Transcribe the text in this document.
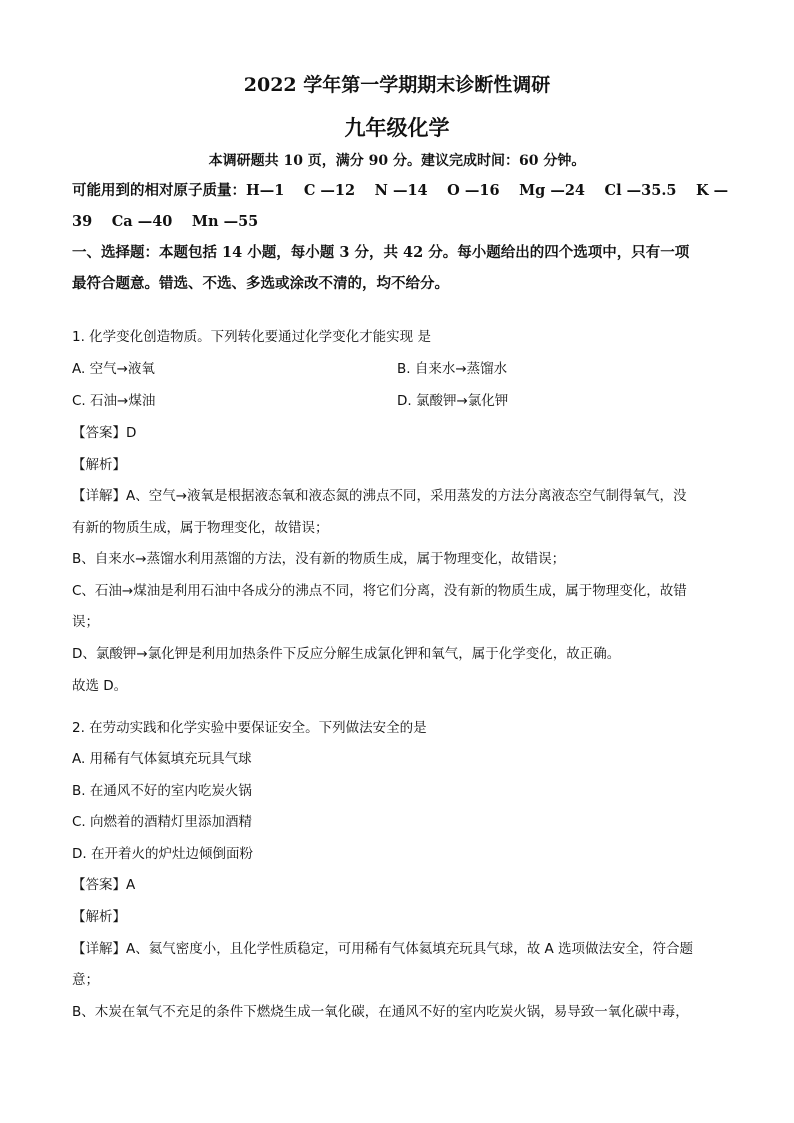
2022 学年第一学期期末诊断性调研
九年级化学
本调研题共 10 页，满分 90 分。建议完成时间：60 分钟。
可能用到的相对原子质量：H—1　 C —12　 N —14　 O —16　 Mg —24　 Cl —35.5　 K —
39　 Ca —40　 Mn —55
一、选择题：本题包括 14 小题，每小题 3 分，共 42 分。每小题给出的四个选项中，只有一项
最符合题意。错选、不选、多选或涂改不清的，均不给分。
1. 化学变化创造物质。下列转化要通过化学变化才能实现 是
A. 空气→液氧	B. 自来水→蒸馏水
C. 石油→煤油	D. 氯酸钾→氯化钾
【答案】D
【解析】
【详解】A、空气→液氧是根据液态氧和液态氮的沸点不同，采用蒸发的方法分离液态空气制得氧气，没
有新的物质生成，属于物理变化，故错误；
B、自来水→蒸馏水利用蒸馏的方法，没有新的物质生成，属于物理变化，故错误；
C、石油→煤油是利用石油中各成分的沸点不同，将它们分离，没有新的物质生成，属于物理变化，故错
误；
D、氯酸钾→氯化钾是利用加热条件下反应分解生成氯化钾和氧气，属于化学变化，故正确。
故选 D。
2. 在劳动实践和化学实验中要保证安全。下列做法安全的是
A. 用稀有气体氦填充玩具气球
B. 在通风不好的室内吃炭火锅
C. 向燃着的酒精灯里添加酒精
D. 在开着火的炉灶边倾倒面粉
【答案】A
【解析】
【详解】A、氦气密度小，且化学性质稳定，可用稀有气体氦填充玩具气球，故 A 选项做法安全，符合题
意；
B、木炭在氧气不充足的条件下燃烧生成一氧化碳，在通风不好的室内吃炭火锅，易导致一氧化碳中毒，
